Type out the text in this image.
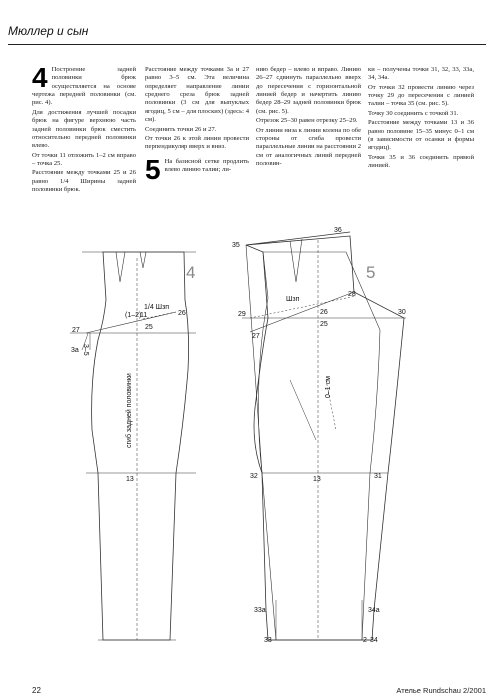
Мюллер и сын
4 Построение задней половинки брюк осуществляется на основе чертежа передней половинки (см. рис. 4).

Для достижения лучшей посадки брюк на фигуре верхнюю часть задней половинки брюк сместить относительно передней половинки влево.

От точки 11 отложить 1–2 см вправо – точка 25.

Расстояние между точками 25 и 26 равно 1/4 Ширины задней половинки брюк.

Расстояние между точками 3а и 27 равно 3–5 см. Эта величина определяет направление линии среднего среза брюк задней половинки (3 см для выпуклых ягодиц, 5 см – для плоских) (здесь: 4 см).

Соединить точки 26 и 27.

От точки 26 к этой линии провести перпендикуляр вверх и вниз.

5 На базисной сетке продлить влево линию талии; ли-

нию бедер – влево и вправо. Линию 26–27 сдвинуть параллельно вверх до пересечения с горизонтальной линией бедер и начертить линию бедер 28–29 задней половинки брюк (см. рис. 5).

Отрезок 25–30 равен отрезку 25–29.

От линии низа к линии колена по обе стороны от сгиба провести параллельные линии на расстоянии 2 см от аналогичных линий передней половин-

ки – получены точки 31, 32, 33, 33а, 34, 34а.

От точки 32 провести линию через точку 29 до пересечения с линией талии – точка 35 (см. рис. 5).

Точку 30 соединить с точкой 31.

Расстояние между точками 13 и 36 равно половине 15–35 минус 0–1 см (в зависимости от осанки и формы ягодиц).

Точки 35 и 36 соединить прямой линией.

4
1/4 Шзп
26
(1–2)
11
25
27
3–5
3а
сгиб задней половинки
13
5
35
36
Шзп
28
29	26
25
30
27
0–1 см
32	13	31
33а	34а
33	2 34
22	Ателье Rundschau 2/2001
